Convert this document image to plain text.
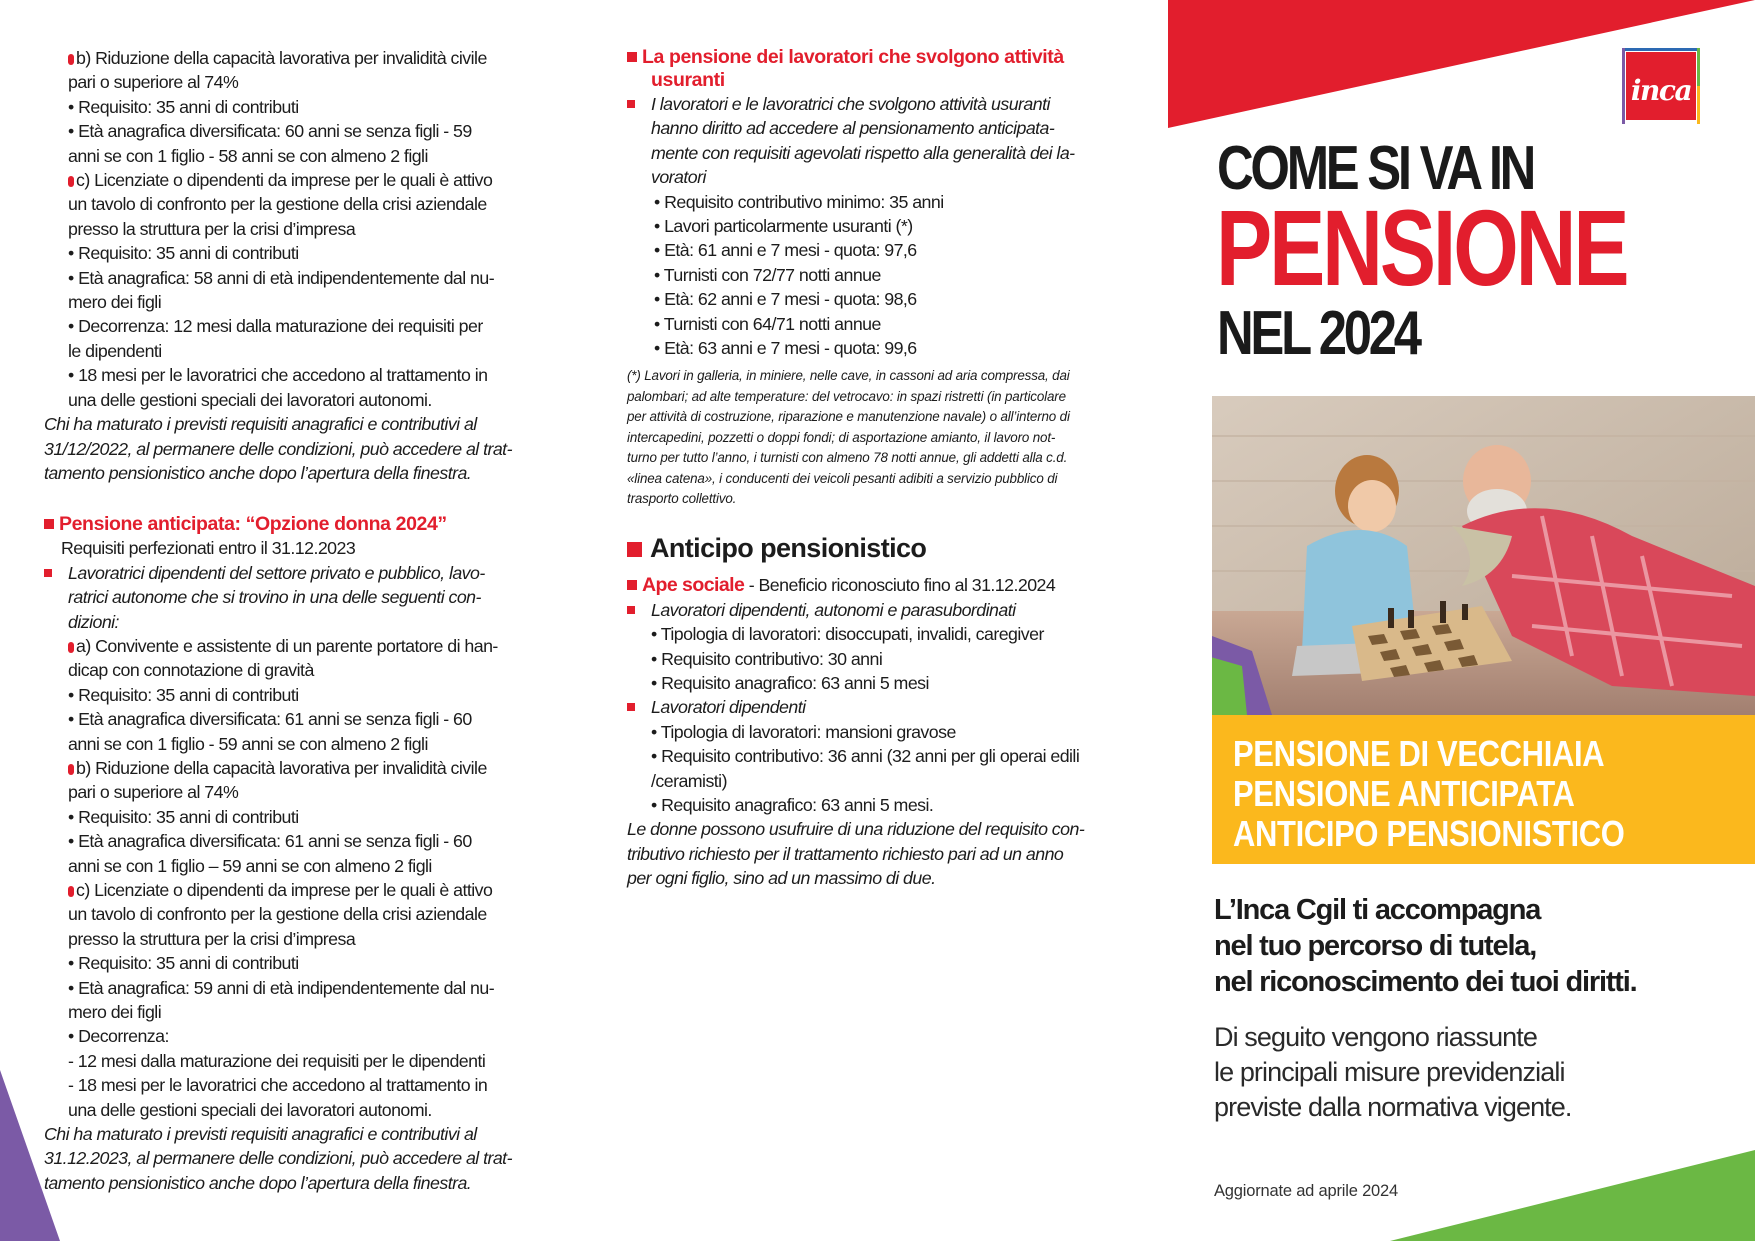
b) Riduzione della capacità lavorativa per invalidità civile
pari o superiore al 74%
• Requisito: 35 anni di contributi
• Età anagrafica diversificata: 60 anni se senza figli - 59
anni se con 1 figlio - 58 anni se con almeno 2 figli
c) Licenziate o dipendenti da imprese per le quali è attivo
un tavolo di confronto per la gestione della crisi aziendale
presso la struttura per la crisi d’impresa
• Requisito: 35 anni di contributi
• Età anagrafica: 58 anni di età indipendentemente dal nu-
mero dei figli
• Decorrenza: 12 mesi dalla maturazione dei requisiti per
le dipendenti
• 18 mesi per le lavoratrici che accedono al trattamento in
una delle gestioni speciali dei lavoratori autonomi.
Chi ha maturato i previsti requisiti anagrafici e contributivi al
31/12/2022, al permanere delle condizioni, può accedere al trat-
tamento pensionistico anche dopo l’apertura della finestra.
Pensione anticipata: “Opzione donna 2024”
Requisiti perfezionati entro il 31.12.2023
Lavoratrici dipendenti del settore privato e pubblico, lavo-
ratrici autonome che si trovino in una delle seguenti con-
dizioni:
a) Convivente e assistente di un parente portatore di han-
dicap con connotazione di gravità
• Requisito: 35 anni di contributi
• Età anagrafica diversificata: 61 anni se senza figli - 60
anni se con 1 figlio - 59 anni se con almeno 2 figli
b) Riduzione della capacità lavorativa per invalidità civile
pari o superiore al 74%
• Requisito: 35 anni di contributi
• Età anagrafica diversificata: 61 anni se senza figli - 60
anni se con 1 figlio – 59 anni se con almeno 2 figli
c) Licenziate o dipendenti da imprese per le quali è attivo
un tavolo di confronto per la gestione della crisi aziendale
presso la struttura per la crisi d’impresa
• Requisito: 35 anni di contributi
• Età anagrafica: 59 anni di età indipendentemente dal nu-
mero dei figli
• Decorrenza:
- 12 mesi dalla maturazione dei requisiti per le dipendenti
- 18 mesi per le lavoratrici che accedono al trattamento in
una delle gestioni speciali dei lavoratori autonomi.
Chi ha maturato i previsti requisiti anagrafici e contributivi al
31.12.2023, al permanere delle condizioni, può accedere al trat-
tamento pensionistico anche dopo l’apertura della finestra.
La pensione dei lavoratori che svolgono attività
usuranti
I lavoratori e le lavoratrici che svolgono attività usuranti
hanno diritto ad accedere al pensionamento anticipata-
mente con requisiti agevolati rispetto alla generalità dei la-
voratori
• Requisito contributivo minimo: 35 anni
• Lavori particolarmente usuranti (*)
• Età: 61 anni e 7 mesi - quota: 97,6
• Turnisti con 72/77 notti annue
• Età: 62 anni e 7 mesi - quota: 98,6
• Turnisti con 64/71 notti annue
• Età: 63 anni e 7 mesi - quota: 99,6
(*) Lavori in galleria, in miniere, nelle cave, in cassoni ad aria compressa, dai
palombari; ad alte temperature: del vetrocavo: in spazi ristretti (in particolare
per attività di costruzione, riparazione e manutenzione navale) o all’interno di
intercapedini, pozzetti o doppi fondi; di asportazione amianto, il lavoro not-
turno per tutto l’anno, i turnisti con almeno 78 notti annue, gli addetti alla c.d.
«linea catena», i conducenti dei veicoli pesanti adibiti a servizio pubblico di
trasporto collettivo.
Anticipo pensionistico
Ape sociale - Beneficio riconosciuto fino al 31.12.2024
Lavoratori dipendenti, autonomi e parasubordinati
• Tipologia di lavoratori: disoccupati, invalidi, caregiver
• Requisito contributivo: 30 anni
• Requisito anagrafico: 63 anni 5 mesi
Lavoratori dipendenti
• Tipologia di lavoratori: mansioni gravose
• Requisito contributivo: 36 anni (32 anni per gli operai edili
/ceramisti)
• Requisito anagrafico: 63 anni 5 mesi.
Le donne possono usufruire di una riduzione del requisito con-
tributivo richiesto per il trattamento richiesto pari ad un anno
per ogni figlio, sino ad un massimo di due.
inca
COME SI VA IN
PENSIONE
NEL 2024
PENSIONE DI VECCHIAIA
PENSIONE ANTICIPATA
ANTICIPO PENSIONISTICO
L’Inca Cgil ti accompagna
nel tuo percorso di tutela,
nel riconoscimento dei tuoi diritti.
Di seguito vengono riassunte
le principali misure previdenziali
previste dalla normativa vigente.
Aggiornate ad aprile 2024
